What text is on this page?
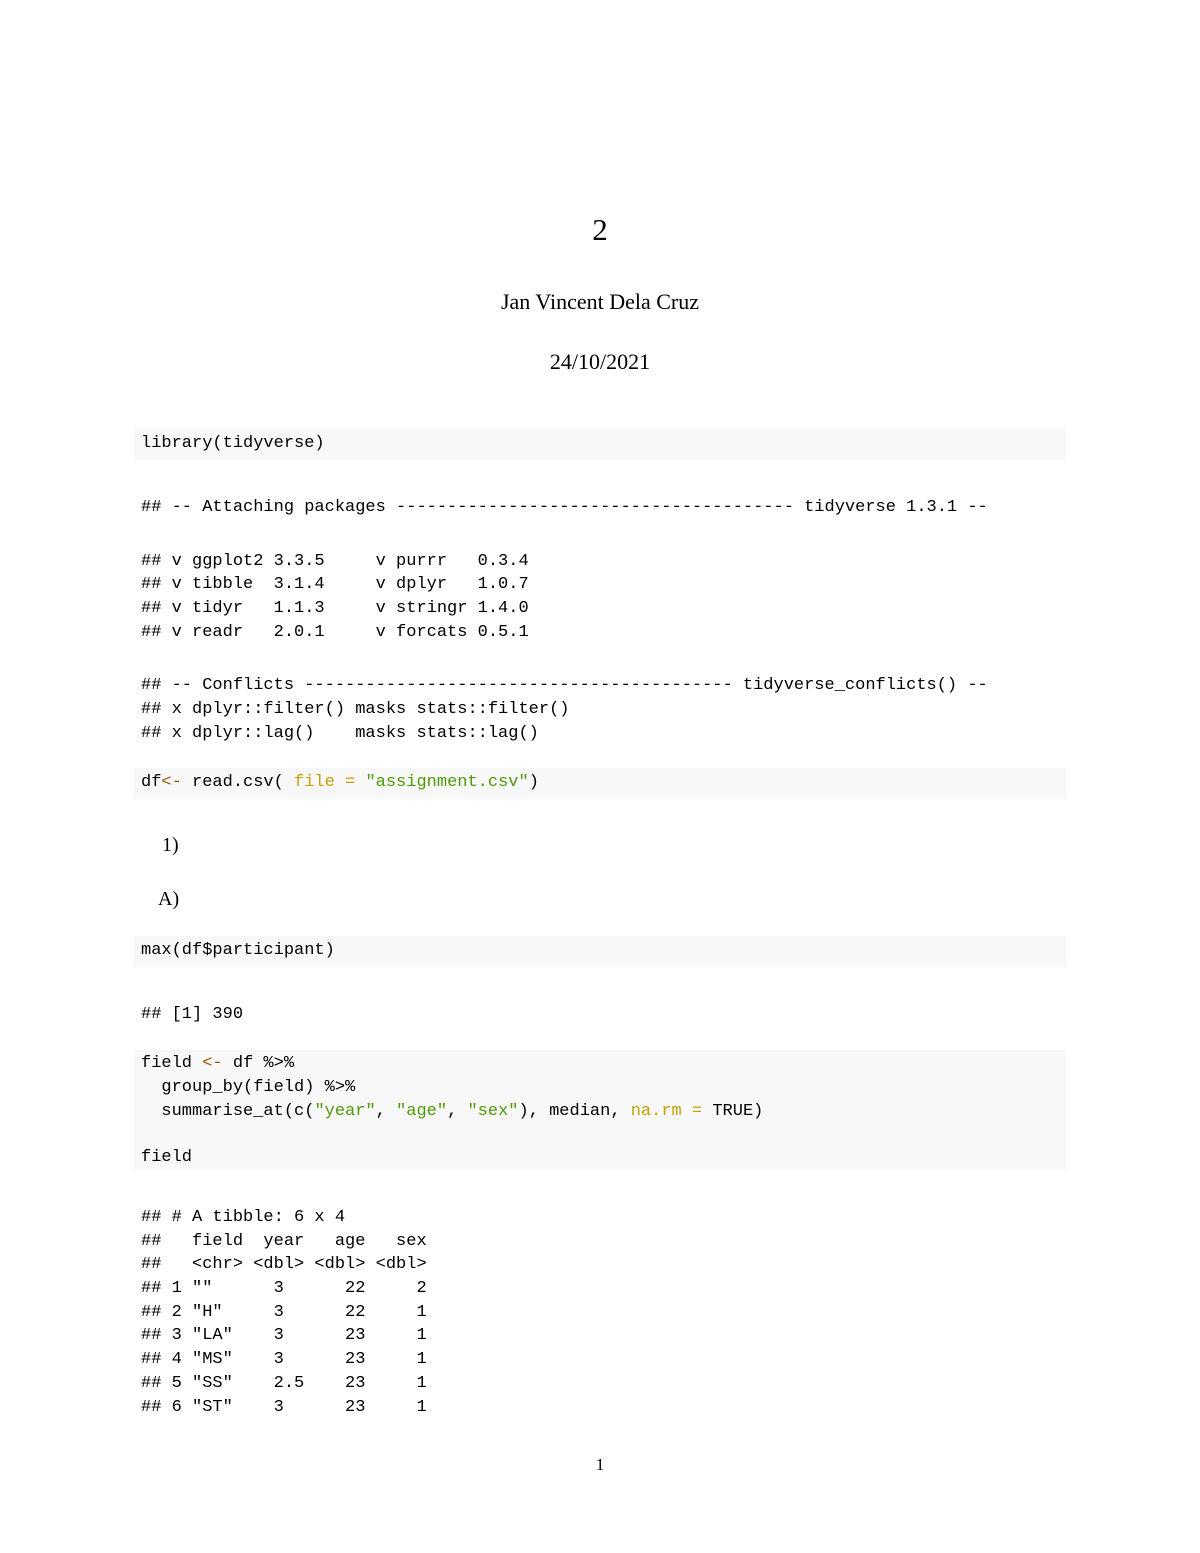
2
Jan Vincent Dela Cruz
24/10/2021
library(tidyverse)
## -- Attaching packages --------------------------------------- tidyverse 1.3.1 --
## v ggplot2 3.3.5     v purrr   0.3.4
## v tibble  3.1.4     v dplyr   1.0.7
## v tidyr   1.1.3     v stringr 1.4.0
## v readr   2.0.1     v forcats 0.5.1
## -- Conflicts ------------------------------------------ tidyverse_conflicts() --
## x dplyr::filter() masks stats::filter()
## x dplyr::lag()    masks stats::lag()
df<- read.csv( file = "assignment.csv")
1)
A)
max(df$participant)
## [1] 390
field <- df %>%
group_by(field) %>%
summarise_at(c("year", "age", "sex"), median, na.rm = TRUE)
field
## # A tibble: 6 x 4
##   field  year   age   sex
##   <chr> <dbl> <dbl> <dbl>
## 1 ""      3      22     2
## 2 "H"     3      22     1
## 3 "LA"    3      23     1
## 4 "MS"    3      23     1
## 5 "SS"    2.5    23     1
## 6 "ST"    3      23     1
1
